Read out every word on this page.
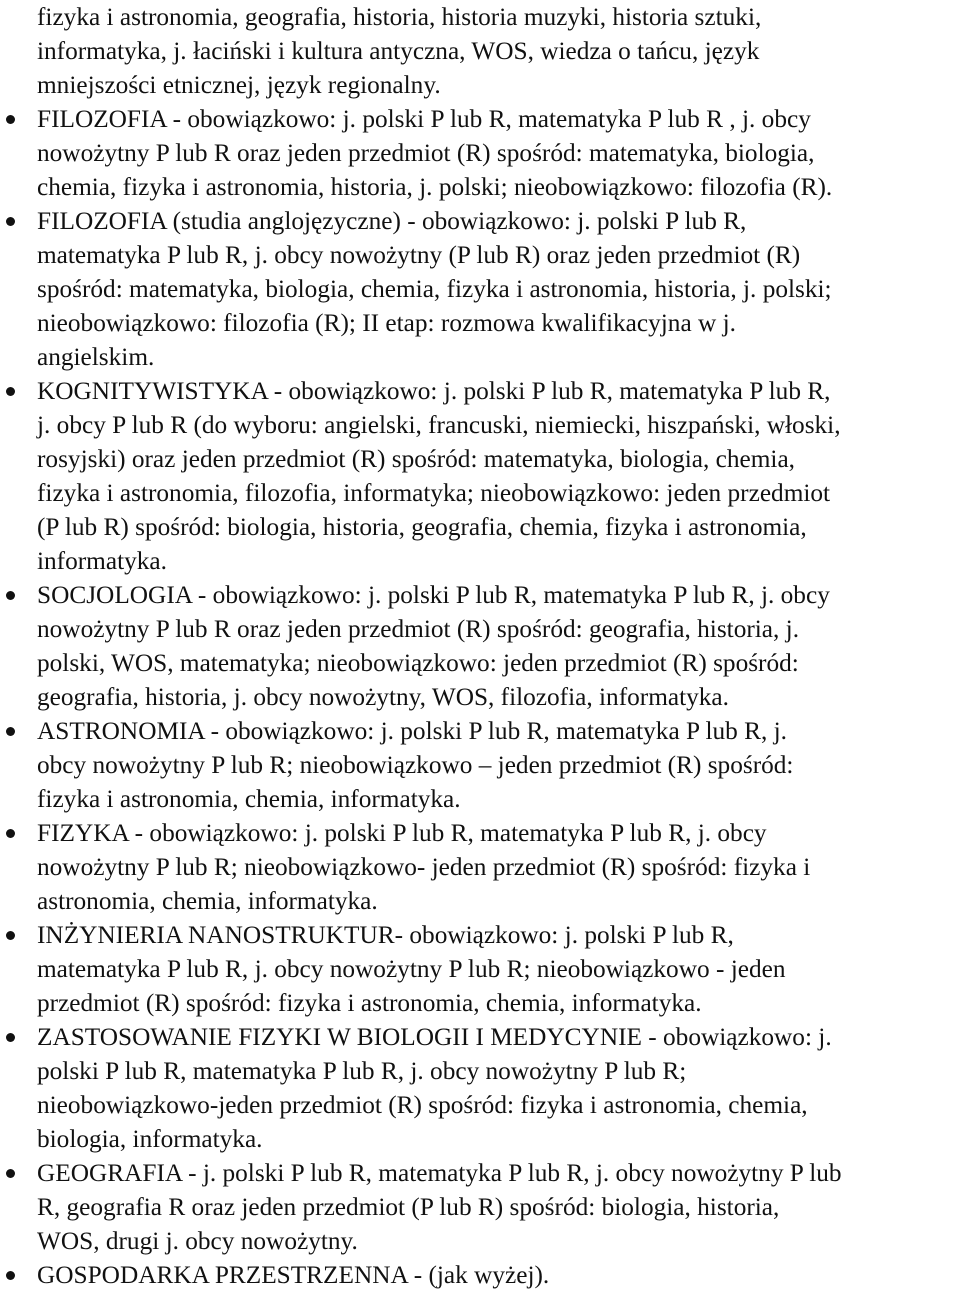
fizyka i astronomia, geografia, historia, historia muzyki, historia sztuki,
informatyka, j. łaciński i kultura antyczna, WOS, wiedza o tańcu, język
mniejszości etnicznej, język regionalny.
FILOZOFIA - obowiązkowo: j. polski P lub R, matematyka P lub R , j. obcy
nowożytny P lub R oraz jeden przedmiot (R) spośród: matematyka, biologia,
chemia, fizyka i astronomia, historia, j. polski; nieobowiązkowo: filozofia (R).
FILOZOFIA (studia anglojęzyczne) - obowiązkowo: j. polski P lub R,
matematyka P lub R, j. obcy nowożytny (P lub R) oraz jeden przedmiot (R)
spośród: matematyka, biologia, chemia, fizyka i astronomia, historia, j. polski;
nieobowiązkowo: filozofia (R); II etap: rozmowa kwalifikacyjna w j.
angielskim.
KOGNITYWISTYKA - obowiązkowo: j. polski P lub R, matematyka P lub R,
j. obcy P lub R (do wyboru: angielski, francuski, niemiecki, hiszpański, włoski,
rosyjski) oraz jeden przedmiot (R) spośród: matematyka, biologia, chemia,
fizyka i astronomia, filozofia, informatyka; nieobowiązkowo: jeden przedmiot
(P lub R) spośród: biologia, historia, geografia, chemia, fizyka i astronomia,
informatyka.
SOCJOLOGIA - obowiązkowo: j. polski P lub R, matematyka P lub R, j. obcy
nowożytny P lub R oraz jeden przedmiot (R) spośród: geografia, historia, j.
polski, WOS, matematyka; nieobowiązkowo: jeden przedmiot (R) spośród:
geografia, historia, j. obcy nowożytny, WOS, filozofia, informatyka.
ASTRONOMIA - obowiązkowo: j. polski P lub R, matematyka P lub R, j.
obcy nowożytny P lub R; nieobowiązkowo – jeden przedmiot (R) spośród:
fizyka i astronomia, chemia, informatyka.
FIZYKA - obowiązkowo: j. polski P lub R, matematyka P lub R, j. obcy
nowożytny P lub R; nieobowiązkowo- jeden przedmiot (R) spośród: fizyka i
astronomia, chemia, informatyka.
INŻYNIERIA NANOSTRUKTUR- obowiązkowo: j. polski P lub R,
matematyka P lub R, j. obcy nowożytny P lub R; nieobowiązkowo - jeden
przedmiot (R) spośród: fizyka i astronomia, chemia, informatyka.
ZASTOSOWANIE FIZYKI W BIOLOGII I MEDYCYNIE - obowiązkowo: j.
polski P lub R, matematyka P lub R, j. obcy nowożytny P lub R;
nieobowiązkowo-jeden przedmiot (R) spośród: fizyka i astronomia, chemia,
biologia, informatyka.
GEOGRAFIA - j. polski P lub R, matematyka P lub R, j. obcy nowożytny P lub
R, geografia R oraz jeden przedmiot (P lub R) spośród: biologia, historia,
WOS, drugi j. obcy nowożytny.
GOSPODARKA PRZESTRZENNA - (jak wyżej).
